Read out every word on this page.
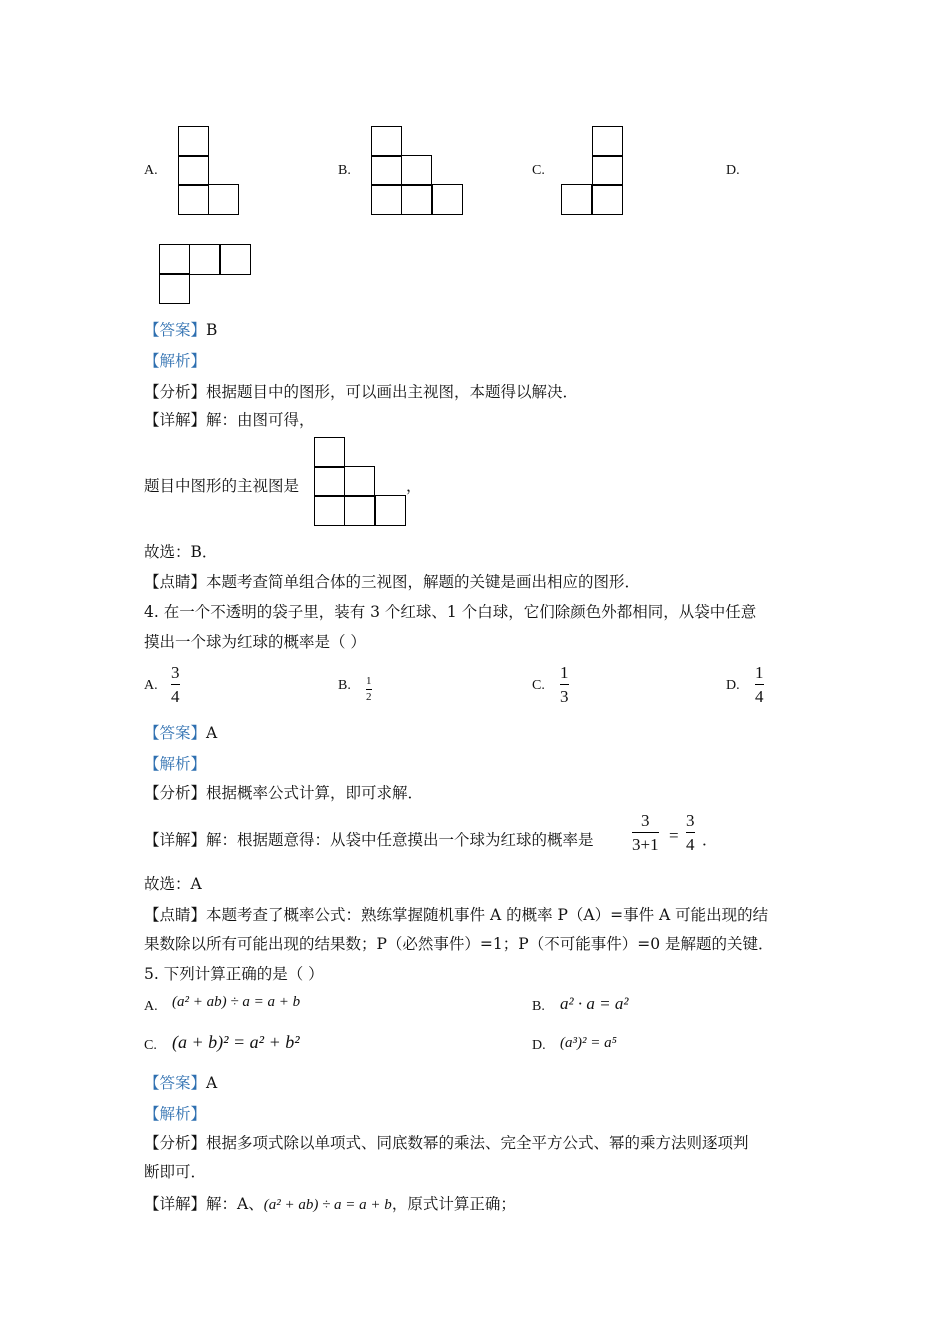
A.	B.	C.	D.
【答案】B
【解析】
【分析】根据题目中的图形，可以画出主视图，本题得以解决．
【详解】解：由图可得，
题目中图形的主视图是	，
故选：B．
【点睛】本题考查简单组合体的三视图，解题的关键是画出相应的图形．
4. 在一个不透明的袋子里，装有 3 个红球、1 个白球，它们除颜色外都相同，从袋中任意
摸出一个球为红球的概率是（ ）
A.
3
4
B. 1
2
C.
1
3
D.
1
4
【答案】A
【解析】
【分析】根据概率公式计算，即可求解．
【详解】解：根据题意得：从袋中任意摸出一个球为红球的概率是
3
3+1 =
3
4 ．
故选：A
【点睛】本题考查了概率公式：熟练掌握随机事件 A 的概率 P（A）=事件 A 可能出现的结
果数除以所有可能出现的结果数；P（必然事件）=1；P（不可能事件）=0 是解题的关键．
5. 下列计算正确的是（ ）
A. (a² + ab) ÷ a = a + b	B. a² · a = a²
C. (a + b)² = a² + b²	D. (a³)² = a⁵
【答案】A
【解析】
【分析】根据多项式除以单项式、同底数幂的乘法、完全平方公式、幂的乘方法则逐项判
断即可．
【详解】解：A、(a² + ab) ÷ a = a + b，原式计算正确；
